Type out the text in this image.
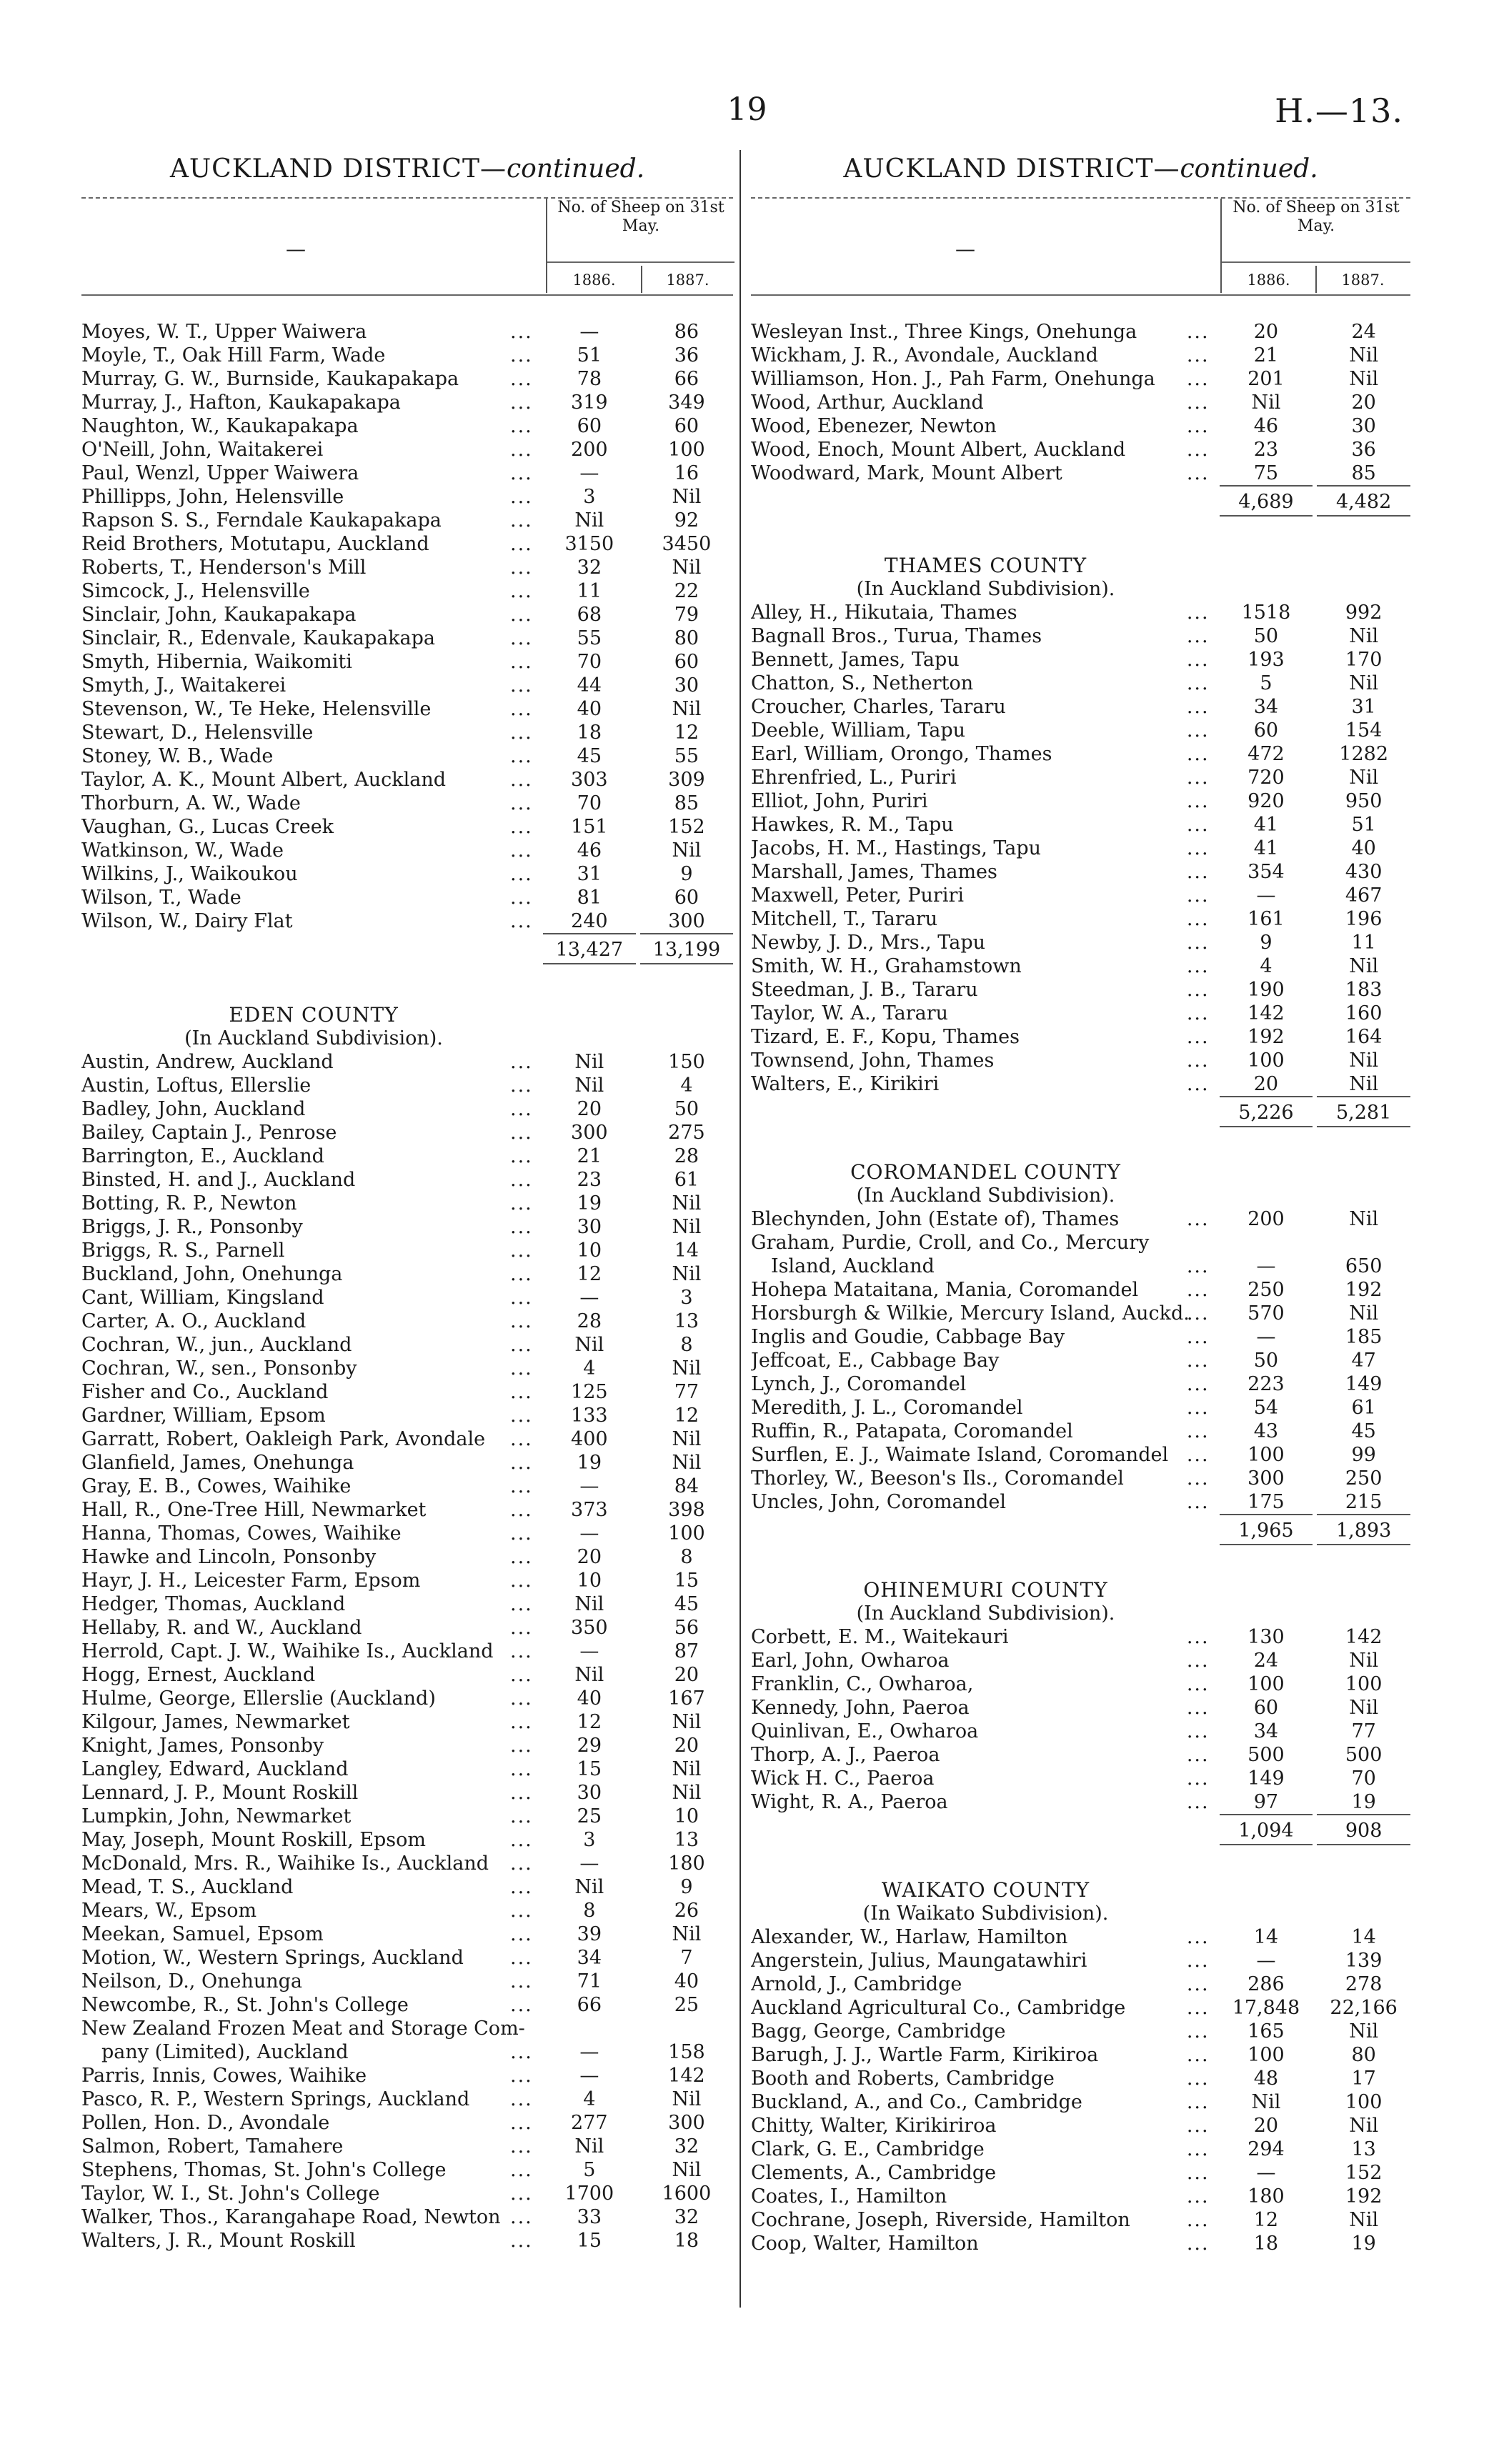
19	H.—13.
AUCKLAND DISTRICT—continued.
—
No. of Sheep on 31st May.
1886.	1887.
Moyes, W. T., Upper Waiwera ...	—	86
Moyle, T., Oak Hill Farm, Wade ...	51	36
Murray, G. W., Burnside, Kaukapakapa ...	78	66
Murray, J., Hafton, Kaukapakapa ...	319	349
Naughton, W., Kaukapakapa ...	60	60
O'Neill, John, Waitakerei ...	200	100
Paul, Wenzl, Upper Waiwera ...	—	16
Phillipps, John, Helensville ...	3	Nil
Rapson S. S., Ferndale Kaukapakapa ...	Nil	92
Reid Brothers, Motutapu, Auckland ...	3150	3450
Roberts, T., Henderson's Mill ...	32	Nil
Simcock, J., Helensville ...	11	22
Sinclair, John, Kaukapakapa ...	68	79
Sinclair, R., Edenvale, Kaukapakapa ...	55	80
Smyth, Hibernia, Waikomiti ...	70	60
Smyth, J., Waitakerei ...	44	30
Stevenson, W., Te Heke, Helensville ...	40	Nil
Stewart, D., Helensville ...	18	12
Stoney, W. B., Wade ...	45	55
Taylor, A. K., Mount Albert, Auckland ...	303	309
Thorburn, A. W., Wade ...	70	85
Vaughan, G., Lucas Creek ...	151	152
Watkinson, W., Wade ...	46	Nil
Wilkins, J., Waikoukou ...	31	9
Wilson, T., Wade ...	81	60
Wilson, W., Dairy Flat ...	240	300
13,427	13,199
EDEN COUNTY
(In Auckland Subdivision).
Austin, Andrew, Auckland ...	Nil	150
Austin, Loftus, Ellerslie ...	Nil	4
Badley, John, Auckland ...	20	50
Bailey, Captain J., Penrose ...	300	275
Barrington, E., Auckland ...	21	28
Binsted, H. and J., Auckland ...	23	61
Botting, R. P., Newton ...	19	Nil
Briggs, J. R., Ponsonby ...	30	Nil
Briggs, R. S., Parnell ...	10	14
Buckland, John, Onehunga ...	12	Nil
Cant, William, Kingsland ...	—	3
Carter, A. O., Auckland ...	28	13
Cochran, W., jun., Auckland ...	Nil	8
Cochran, W., sen., Ponsonby ...	4	Nil
Fisher and Co., Auckland ...	125	77
Gardner, William, Epsom ...	133	12
Garratt, Robert, Oakleigh Park, Avondale ...	400	Nil
Glanfield, James, Onehunga ...	19	Nil
Gray, E. B., Cowes, Waihike ...	—	84
Hall, R., One-Tree Hill, Newmarket ...	373	398
Hanna, Thomas, Cowes, Waihike ...	—	100
Hawke and Lincoln, Ponsonby ...	20	8
Hayr, J. H., Leicester Farm, Epsom ...	10	15
Hedger, Thomas, Auckland ...	Nil	45
Hellaby, R. and W., Auckland ...	350	56
Herrold, Capt. J. W., Waihike Is., Auckland ...	—	87
Hogg, Ernest, Auckland ...	Nil	20
Hulme, George, Ellerslie (Auckland) ...	40	167
Kilgour, James, Newmarket ...	12	Nil
Knight, James, Ponsonby ...	29	20
Langley, Edward, Auckland ...	15	Nil
Lennard, J. P., Mount Roskill ...	30	Nil
Lumpkin, John, Newmarket ...	25	10
May, Joseph, Mount Roskill, Epsom ...	3	13
McDonald, Mrs. R., Waihike Is., Auckland ...	—	180
Mead, T. S., Auckland ...	Nil	9
Mears, W., Epsom ...	8	26
Meekan, Samuel, Epsom ...	39	Nil
Motion, W., Western Springs, Auckland ...	34	7
Neilson, D., Onehunga ...	71	40
Newcombe, R., St. John's College ...	66	25
New Zealand Frozen Meat and Storage Com-
pany (Limited), Auckland ...	—	158
Parris, Innis, Cowes, Waihike ...	—	142
Pasco, R. P., Western Springs, Auckland ...	4	Nil
Pollen, Hon. D., Avondale ...	277	300
Salmon, Robert, Tamahere ...	Nil	32
Stephens, Thomas, St. John's College ...	5	Nil
Taylor, W. I., St. John's College ...	1700	1600
Walker, Thos., Karangahape Road, Newton ...	33	32
Walters, J. R., Mount Roskill ...	15	18
AUCKLAND DISTRICT—continued.
—
No. of Sheep on 31st May.
1886.	1887.
Wesleyan Inst., Three Kings, Onehunga ...	20	24
Wickham, J. R., Avondale, Auckland ...	21	Nil
Williamson, Hon. J., Pah Farm, Onehunga ...	201	Nil
Wood, Arthur, Auckland ...	Nil	20
Wood, Ebenezer, Newton ...	46	30
Wood, Enoch, Mount Albert, Auckland ...	23	36
Woodward, Mark, Mount Albert ...	75	85
4,689	4,482
THAMES COUNTY
(In Auckland Subdivision).
Alley, H., Hikutaia, Thames ...	1518	992
Bagnall Bros., Turua, Thames ...	50	Nil
Bennett, James, Tapu ...	193	170
Chatton, S., Netherton ...	5	Nil
Croucher, Charles, Tararu ...	34	31
Deeble, William, Tapu ...	60	154
Earl, William, Orongo, Thames ...	472	1282
Ehrenfried, L., Puriri ...	720	Nil
Elliot, John, Puriri ...	920	950
Hawkes, R. M., Tapu ...	41	51
Jacobs, H. M., Hastings, Tapu ...	41	40
Marshall, James, Thames ...	354	430
Maxwell, Peter, Puriri ...	—	467
Mitchell, T., Tararu ...	161	196
Newby, J. D., Mrs., Tapu ...	9	11
Smith, W. H., Grahamstown ...	4	Nil
Steedman, J. B., Tararu ...	190	183
Taylor, W. A., Tararu ...	142	160
Tizard, E. F., Kopu, Thames ...	192	164
Townsend, John, Thames ...	100	Nil
Walters, E., Kirikiri ...	20	Nil
5,226	5,281
COROMANDEL COUNTY
(In Auckland Subdivision).
Blechynden, John (Estate of), Thames ...	200	Nil
Graham, Purdie, Croll, and Co., Mercury
Island, Auckland ...	—	650
Hohepa Mataitana, Mania, Coromandel ...	250	192
Horsburgh & Wilkie, Mercury Island, Auckd. ...	570	Nil
Inglis and Goudie, Cabbage Bay ...	—	185
Jeffcoat, E., Cabbage Bay ...	50	47
Lynch, J., Coromandel ...	223	149
Meredith, J. L., Coromandel ...	54	61
Ruffin, R., Patapata, Coromandel ...	43	45
Surflen, E. J., Waimate Island, Coromandel ...	100	99
Thorley, W., Beeson's Ils., Coromandel ...	300	250
Uncles, John, Coromandel ...	175	215
1,965	1,893
OHINEMURI COUNTY
(In Auckland Subdivision).
Corbett, E. M., Waitekauri ...	130	142
Earl, John, Owharoa ...	24	Nil
Franklin, C., Owharoa, ...	100	100
Kennedy, John, Paeroa ...	60	Nil
Quinlivan, E., Owharoa ...	34	77
Thorp, A. J., Paeroa ...	500	500
Wick H. C., Paeroa ...	149	70
Wight, R. A., Paeroa ...	97	19
1,094	908
WAIKATO COUNTY
(In Waikato Subdivision).
Alexander, W., Harlaw, Hamilton ...	14	14
Angerstein, Julius, Maungatawhiri ...	—	139
Arnold, J., Cambridge ...	286	278
Auckland Agricultural Co., Cambridge ...	17,848	22,166
Bagg, George, Cambridge ...	165	Nil
Barugh, J. J., Wartle Farm, Kirikiroa ...	100	80
Booth and Roberts, Cambridge ...	48	17
Buckland, A., and Co., Cambridge ...	Nil	100
Chitty, Walter, Kirikiriroa ...	20	Nil
Clark, G. E., Cambridge ...	294	13
Clements, A., Cambridge ...	—	152
Coates, I., Hamilton ...	180	192
Cochrane, Joseph, Riverside, Hamilton ...	12	Nil
Coop, Walter, Hamilton ...	18	19
